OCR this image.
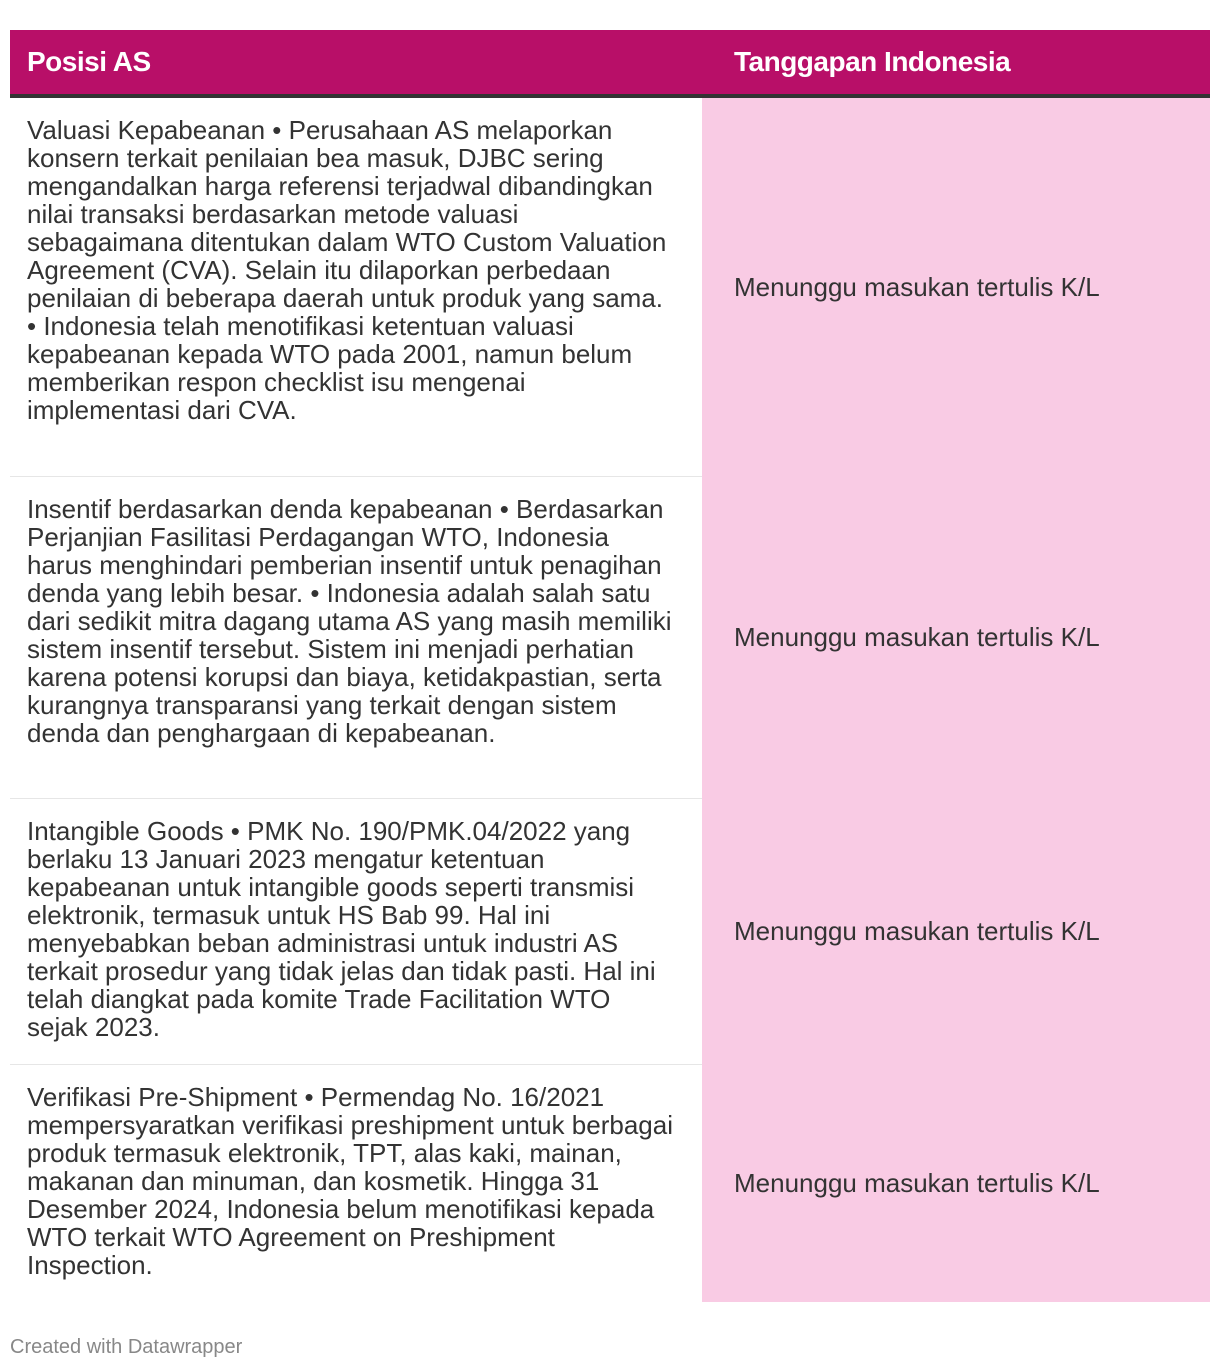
Posisi AS	Tanggapan Indonesia
Valuasi Kepabeanan • Perusahaan AS melaporkan konsern terkait penilaian bea masuk, DJBC sering mengandalkan harga referensi terjadwal dibandingkan nilai transaksi berdasarkan metode valuasi sebagaimana ditentukan dalam WTO Custom Valuation Agreement (CVA). Selain itu dilaporkan perbedaan penilaian di beberapa daerah untuk produk yang sama. • Indonesia telah menotifikasi ketentuan valuasi kepabeanan kepada WTO pada 2001, namun belum memberikan respon checklist isu mengenai implementasi dari CVA.
Menunggu masukan tertulis K/L
Insentif berdasarkan denda kepabeanan • Berdasarkan Perjanjian Fasilitasi Perdagangan WTO, Indonesia harus menghindari pemberian insentif untuk penagihan denda yang lebih besar. • Indonesia adalah salah satu dari sedikit mitra dagang utama AS yang masih memiliki sistem insentif tersebut. Sistem ini menjadi perhatian karena potensi korupsi dan biaya, ketidakpastian, serta kurangnya transparansi yang terkait dengan sistem denda dan penghargaan di kepabeanan.
Menunggu masukan tertulis K/L
Intangible Goods • PMK No. 190/PMK.04/2022 yang berlaku 13 Januari 2023 mengatur ketentuan kepabeanan untuk intangible goods seperti transmisi elektronik, termasuk untuk HS Bab 99. Hal ini menyebabkan beban administrasi untuk industri AS terkait prosedur yang tidak jelas dan tidak pasti. Hal ini telah diangkat pada komite Trade Facilitation WTO sejak 2023.
Menunggu masukan tertulis K/L
Verifikasi Pre-Shipment • Permendag No. 16/2021 mempersyaratkan verifikasi preshipment untuk berbagai produk termasuk elektronik, TPT, alas kaki, mainan, makanan dan minuman, dan kosmetik. Hingga 31 Desember 2024, Indonesia belum menotifikasi kepada WTO terkait WTO Agreement on Preshipment Inspection.
Menunggu masukan tertulis K/L
Created with Datawrapper
